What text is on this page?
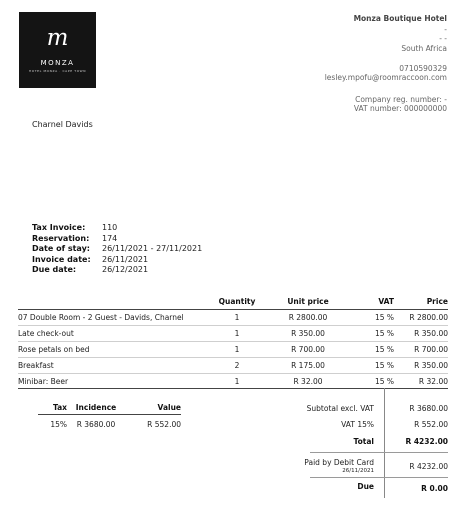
m
MONZA
HOTEL MONZA · CAPE TOWN
Monza Boutique Hotel
-
- -
South Africa
0710590329
lesley.mpofu@roomraccoon.com
Company reg. number: -
VAT number: 000000000
Charnel Davids
Tax Invoice:	110
Reservation:	174
Date of stay:	26/11/2021 - 27/11/2021
Invoice date:	26/11/2021
Due date:	26/12/2021
	Quantity	Unit price	VAT	Price
07 Double Room - 2 Guest - Davids, Charnel	1	R 2800.00	15 %	R 2800.00
Late check-out	1	R 350.00	15 %	R 350.00
Rose petals on bed	1	R 700.00	15 %	R 700.00
Breakfast	2	R 175.00	15 %	R 350.00
Minibar: Beer	1	R 32.00	15 %	R 32.00
Tax	Incidence	Value
15%	R 3680.00	R 552.00
Subtotal excl. VAT	R 3680.00
VAT 15%	R 552.00
Total	R 4232.00
Paid by Debit Card
26/11/2021	R 4232.00
Due	R 0.00
